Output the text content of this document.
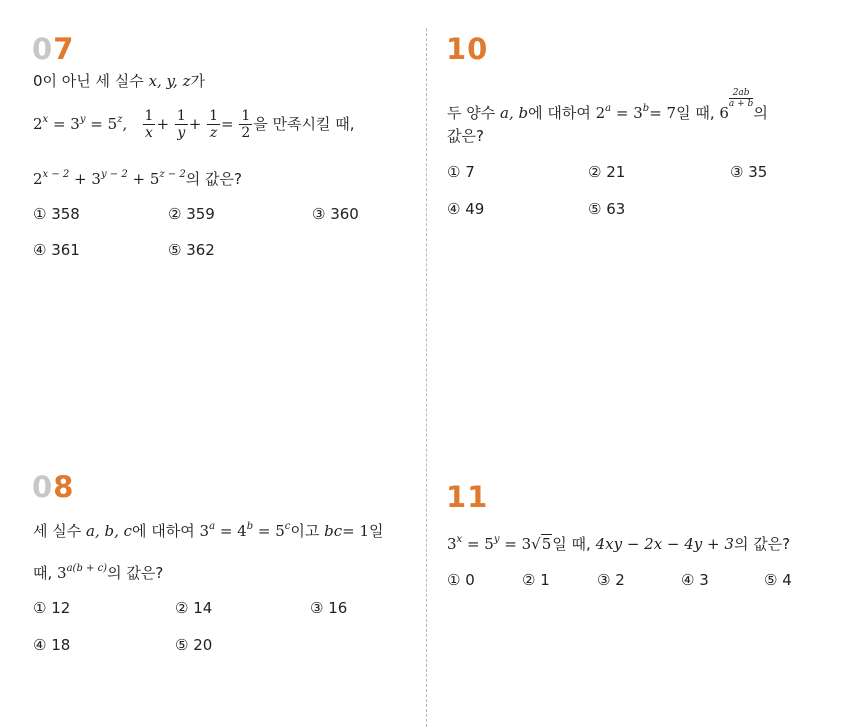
07
0이 아닌 세 실수 x, y, z가
$2^x = 3^y = 5^z$, $\frac{1}{x} + \frac{1}{y} + \frac{1}{z} = \frac{1}{2}$ 을 만족시킬 때,
$2^{x - 2} + 3^{y - 2} + 5^{z - 2}$의 값은?
① 358	② 359	③ 360
④ 361	⑤ 362
08
세 실수 a, b, c에 대하여 $3^a = 4^b = 5^c$이고 bc= 1일
때, $3^{a(b + c)}$의 값은?
① 12	② 14	③ 16
④ 18	⑤ 20
10
두 양수 a, b에 대하여 $2^a = 3^b= 7$일 때, 6
$\frac{2ab}{a + b}$
의
값은?
① 7	② 21	③ 35
④ 49	⑤ 63
11
$3^x = 5^y = 3√5$일 때, 4xy − 2x − 4y + 3의 값은?
① 0	② 1	③ 2	④ 3	⑤ 4
